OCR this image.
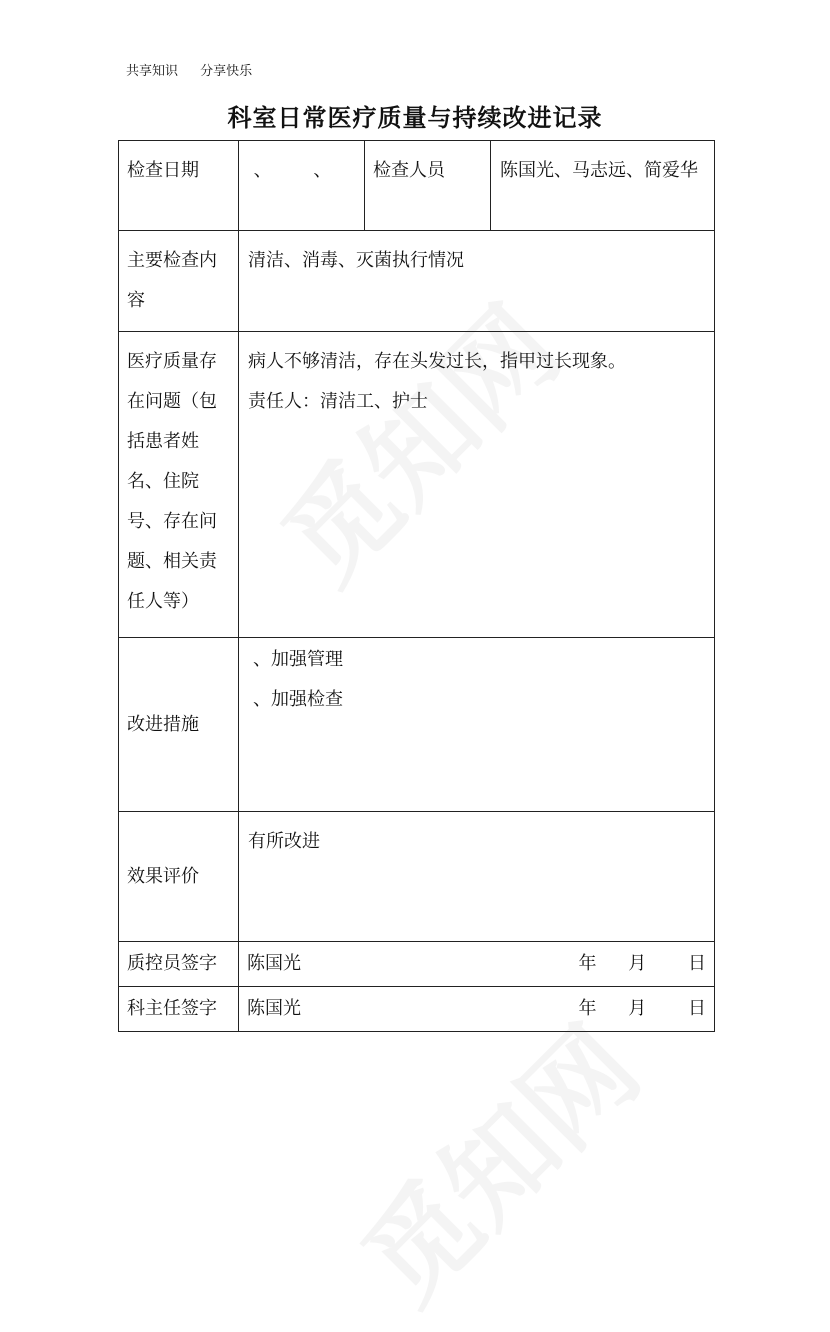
共享知识 分享快乐
科室日常医疗质量与持续改进记录
检查日期	、 、	检查人员	陈国光、马志远、简爱华

主要检查内容	清洁、消毒、灭菌执行情况		

医疗质量存在问题（包括患者姓名、住院号、存在问题、相关责任人等）	病人不够清洁，存在头发过长，指甲过长现象。
责任人：清洁工、护士		

改进措施	、加强管理
、加强检查		

效果评价	有所改进		

质控员签字	陈国光 年 月 日		

科主任签字	陈国光 年 月 日		
